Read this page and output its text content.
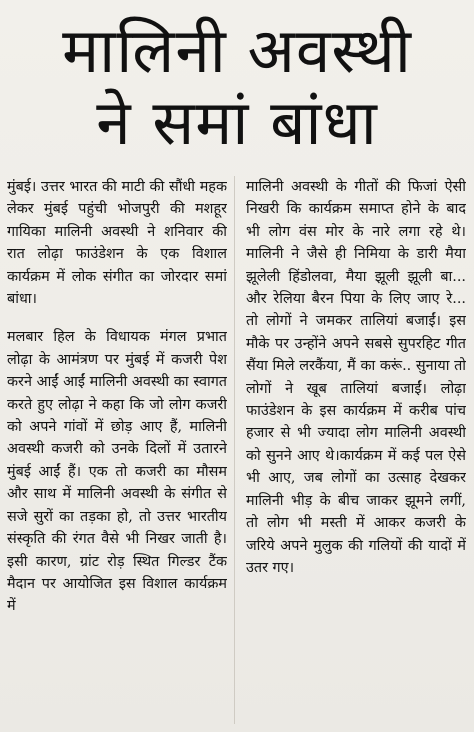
मालिनी अवस्थी
ने समां बांधा

मुंबई। उत्तर भारत की माटी की सौंधी महक लेकर मुंबई पहुंची भोजपुरी की मशहूर गायिका मालिनी अवस्थी ने शनिवार की रात लोढ़ा फाउंडेशन के एक विशाल कार्यक्रम में लोक संगीत का जोरदार समां बांधा।

मलबार हिल के विधायक मंगल प्रभात लोढ़ा के आमंत्रण पर मुंबई में कजरी पेश करने आईं आईं मालिनी अवस्थी का स्वागत करते हुए लोढ़ा ने कहा कि जो लोग कजरी को अपने गांवों में छोड़ आए हैं, मालिनी अवस्थी कजरी को उनके दिलों में उतारने मुंबई आईं हैं। एक तो कजरी का मौसम और साथ में मालिनी अवस्थी के संगीत से सजे सुरों का तड़का हो, तो उत्तर भारतीय संस्कृति की रंगत वैसे भी निखर जाती है। इसी कारण, ग्रांट रोड़ स्थित गिल्डर टैंक मैदान पर आयोजित इस विशाल कार्यक्रम में

मालिनी अवस्थी के गीतों की फिजां ऐसी निखरी कि कार्यक्रम समाप्त होने के बाद भी लोग वंस मोर के नारे लगा रहे थे। मालिनी ने जैसे ही निमिया के डारी मैया झूलेली हिंडोलवा, मैया झूली झूली बा... और रेलिया बैरन पिया के लिए जाए रे... तो लोगों ने जमकर तालियां बजाईं। इस मौके पर उन्होंने अपने सबसे सुपरहिट गीत सैंया मिले लरकैंया, मैं का करूं.. सुनाया तो लोगों ने खूब तालियां बजाईं। लोढ़ा फाउंडेशन के इस कार्यक्रम में करीब पांच हजार से भी ज्यादा लोग मालिनी अवस्थी को सुनने आए थे।कार्यक्रम में कई पल ऐसे भी आए, जब लोगों का उत्साह देखकर मालिनी भीड़ के बीच जाकर झूमने लगीं, तो लोग भी मस्ती में आकर कजरी के जरिये अपने मुलुक की गलियों की यादों में उतर गए।
